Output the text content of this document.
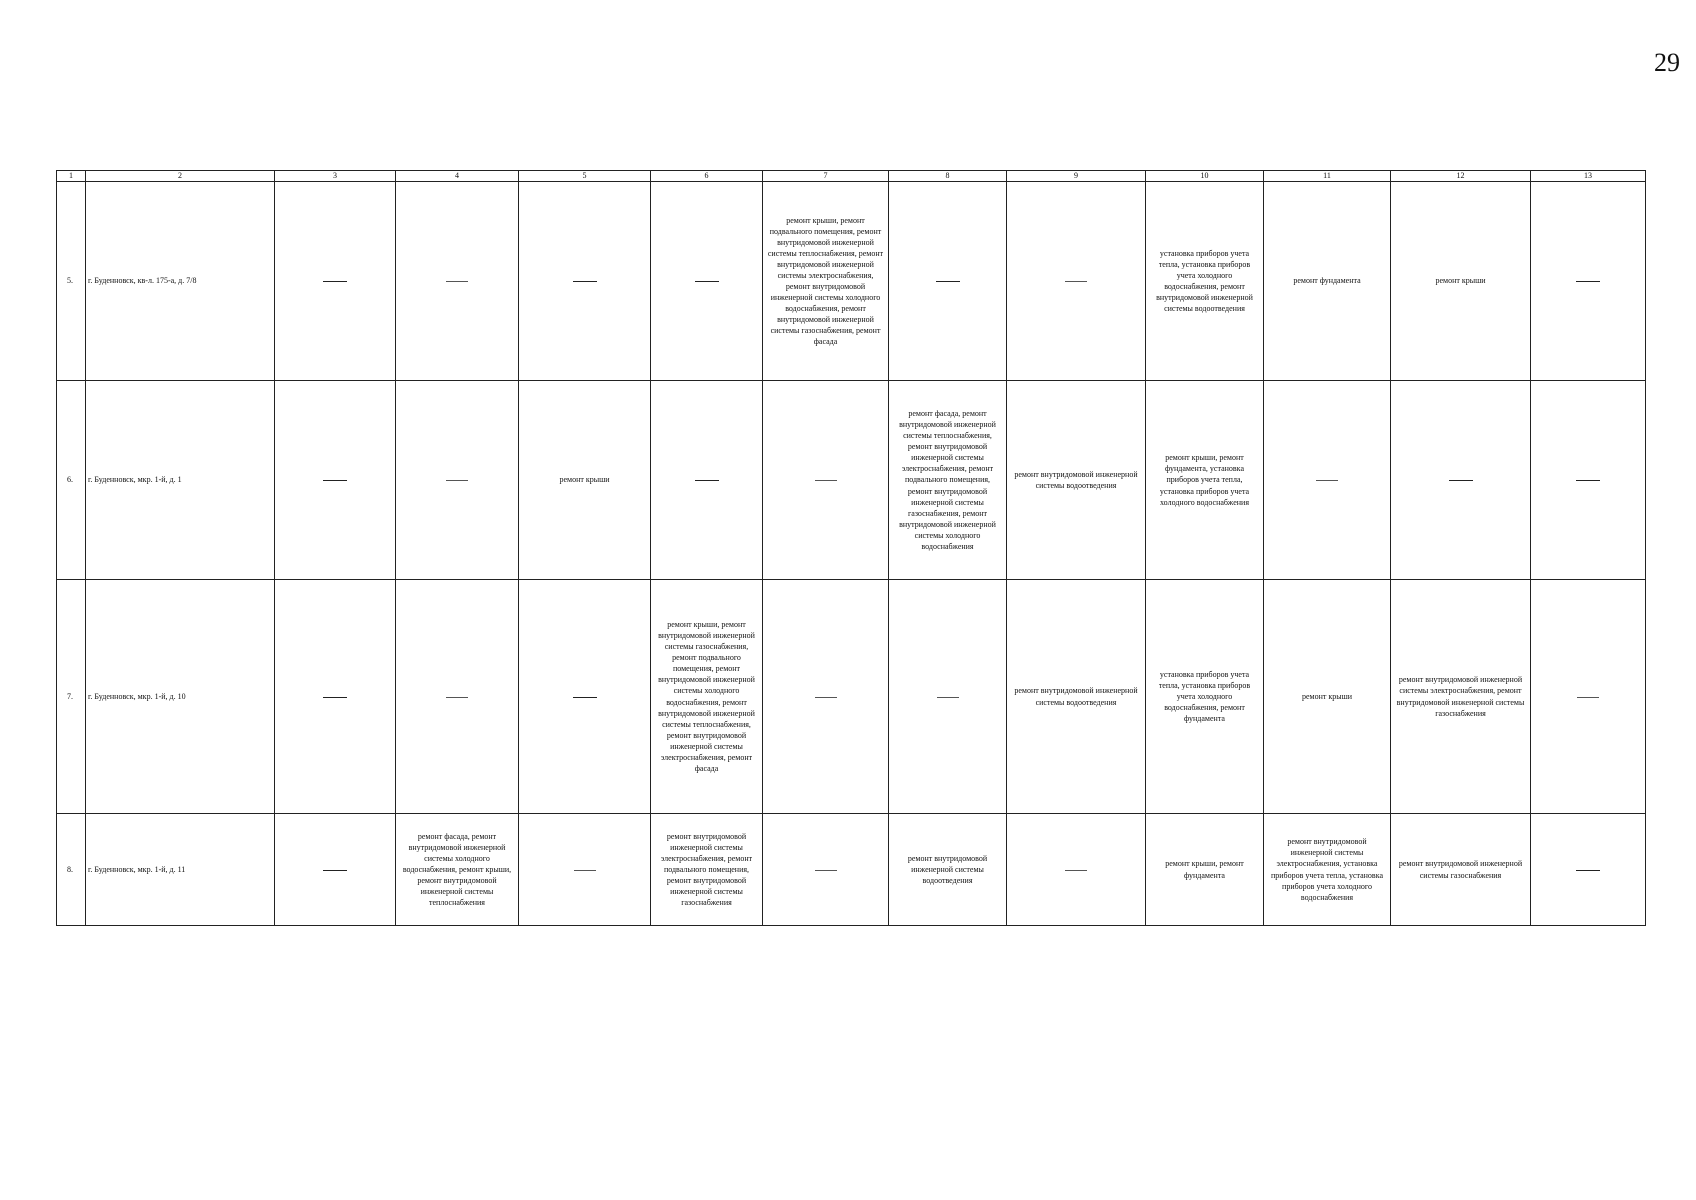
29
1	2	3	4	5	6	7	8	9	10	11	12	13
5.	г. Буденновск, кв-л. 175-а, д. 7/8					ремонт крыши, ремонт подвального помещения, ремонт внутридомовой инженерной системы теплоснабжения, ремонт внутридомовой инженерной системы электроснабжения, ремонт внутридомовой инженерной системы холодного водоснабжения, ремонт внутридомовой инженерной системы газоснабжения, ремонт фасада			установка приборов учета тепла, установка приборов учета холодного водоснабжения, ремонт внутридомовой инженерной системы водоотведения	ремонт фундамента	ремонт крыши	

6.	г. Буденновск, мкр. 1-й, д. 1			ремонт крыши			ремонт фасада, ремонт внутридомовой инженерной системы теплоснабжения, ремонт внутридомовой инженерной системы электроснабжения, ремонт подвального помещения, ремонт внутридомовой инженерной системы газоснабжения, ремонт внутридомовой инженерной системы холодного водоснабжения	ремонт внутридомовой инженерной системы водоотведения	ремонт крыши, ремонт фундамента, установка приборов учета тепла, установка приборов учета холодного водоснабжения			

7.	г. Буденновск, мкр. 1-й, д. 10				ремонт крыши, ремонт внутридомовой инженерной системы газоснабжения, ремонт подвального помещения, ремонт внутридомовой инженерной системы холодного водоснабжения, ремонт внутридомовой инженерной системы теплоснабжения, ремонт внутридомовой инженерной системы электроснабжения, ремонт фасада			ремонт внутридомовой инженерной системы водоотведения	установка приборов учета тепла, установка приборов учета холодного водоснабжения, ремонт фундамента	ремонт крыши	ремонт внутридомовой инженерной системы электроснабжения, ремонт внутридомовой инженерной системы газоснабжения	

8.	г. Буденновск, мкр. 1-й, д. 11		ремонт фасада, ремонт внутридомовой инженерной системы холодного водоснабжения, ремонт крыши, ремонт внутридомовой инженерной системы теплоснабжения		ремонт внутридомовой инженерной системы электроснабжения, ремонт подвального помещения, ремонт внутридомовой инженерной системы газоснабжения		ремонт внутридомовой инженерной системы водоотведения		ремонт крыши, ремонт фундамента	ремонт внутридомовой инженерной системы электроснабжения, установка приборов учета тепла, установка приборов учета холодного водоснабжения	ремонт внутридомовой инженерной системы газоснабжения	
